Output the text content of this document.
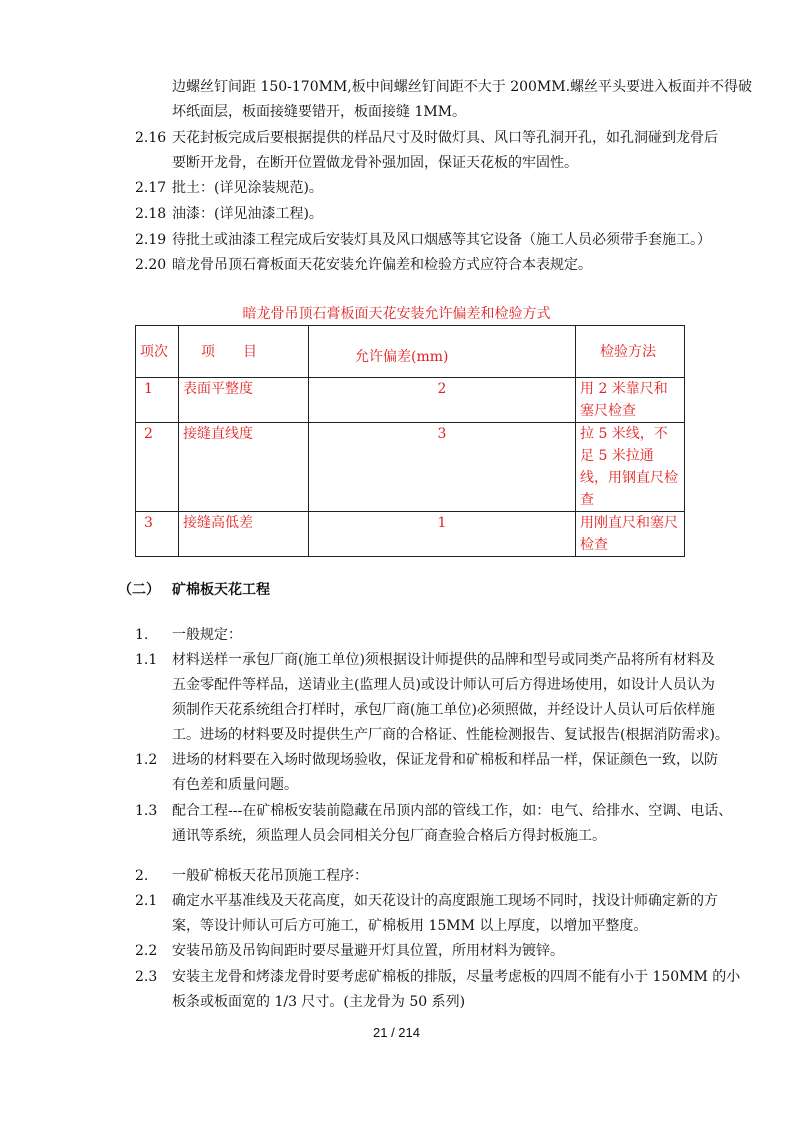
边螺丝钉间距 150-170MM,板中间螺丝钉间距不大于 200MM.螺丝平头要进入板面并不得破
坏纸面层，板面接缝要错开，板面接缝 1MM。
2.16 天花封板完成后要根据提供的样品尺寸及时做灯具、风口等孔洞开孔，如孔洞碰到龙骨后
要断开龙骨，在断开位置做龙骨补强加固，保证天花板的牢固性。
2.17 批土：(详见涂装规范)。
2.18 油漆：(详见油漆工程)。
2.19 待批土或油漆工程完成后安装灯具及风口烟感等其它设备（施工人员必须带手套施工。）
2.20 暗龙骨吊顶石膏板面天花安装允许偏差和检验方式应符合本表规定。
暗龙骨吊顶石膏板面天花安装允许偏差和检验方式
项次	项　　目	允许偏差(mm)	检验方法
1	表面平整度	2	用 2 米靠尺和塞尺检查
2	接缝直线度	3	拉 5 米线，不足 5 米拉通线，用钢直尺检查
3	接缝高低差	1	用刚直尺和塞尺检查
（二） 矿棉板天花工程
1. 一般规定：
1.1 材料送样一承包厂商(施工单位)须根据设计师提供的品牌和型号或同类产品将所有材料及
五金零配件等样品，送请业主(监理人员)或设计师认可后方得进场使用，如设计人员认为
须制作天花系统组合打样时，承包厂商(施工单位)必须照做，并经设计人员认可后依样施
工。进场的材料要及时提供生产厂商的合格证、性能检测报告、复试报告(根据消防需求)。
1.2 进场的材料要在入场时做现场验收，保证龙骨和矿棉板和样品一样，保证颜色一致，以防
有色差和质量问题。
1.3 配合工程---在矿棉板安装前隐藏在吊顶内部的管线工作，如：电气、给排水、空调、电话、
通讯等系统，须监理人员会同相关分包厂商查验合格后方得封板施工。
2. 一般矿棉板天花吊顶施工程序：
2.1 确定水平基准线及天花高度，如天花设计的高度跟施工现场不同时，找设计师确定新的方
案，等设计师认可后方可施工，矿棉板用 15MM 以上厚度，以增加平整度。
2.2 安装吊筋及吊钩间距时要尽量避开灯具位置，所用材料为镀锌。
2.3 安装主龙骨和烤漆龙骨时要考虑矿棉板的排版，尽量考虑板的四周不能有小于 150MM 的小
板条或板面宽的 1/3 尺寸。(主龙骨为 50 系列)
21 / 214
